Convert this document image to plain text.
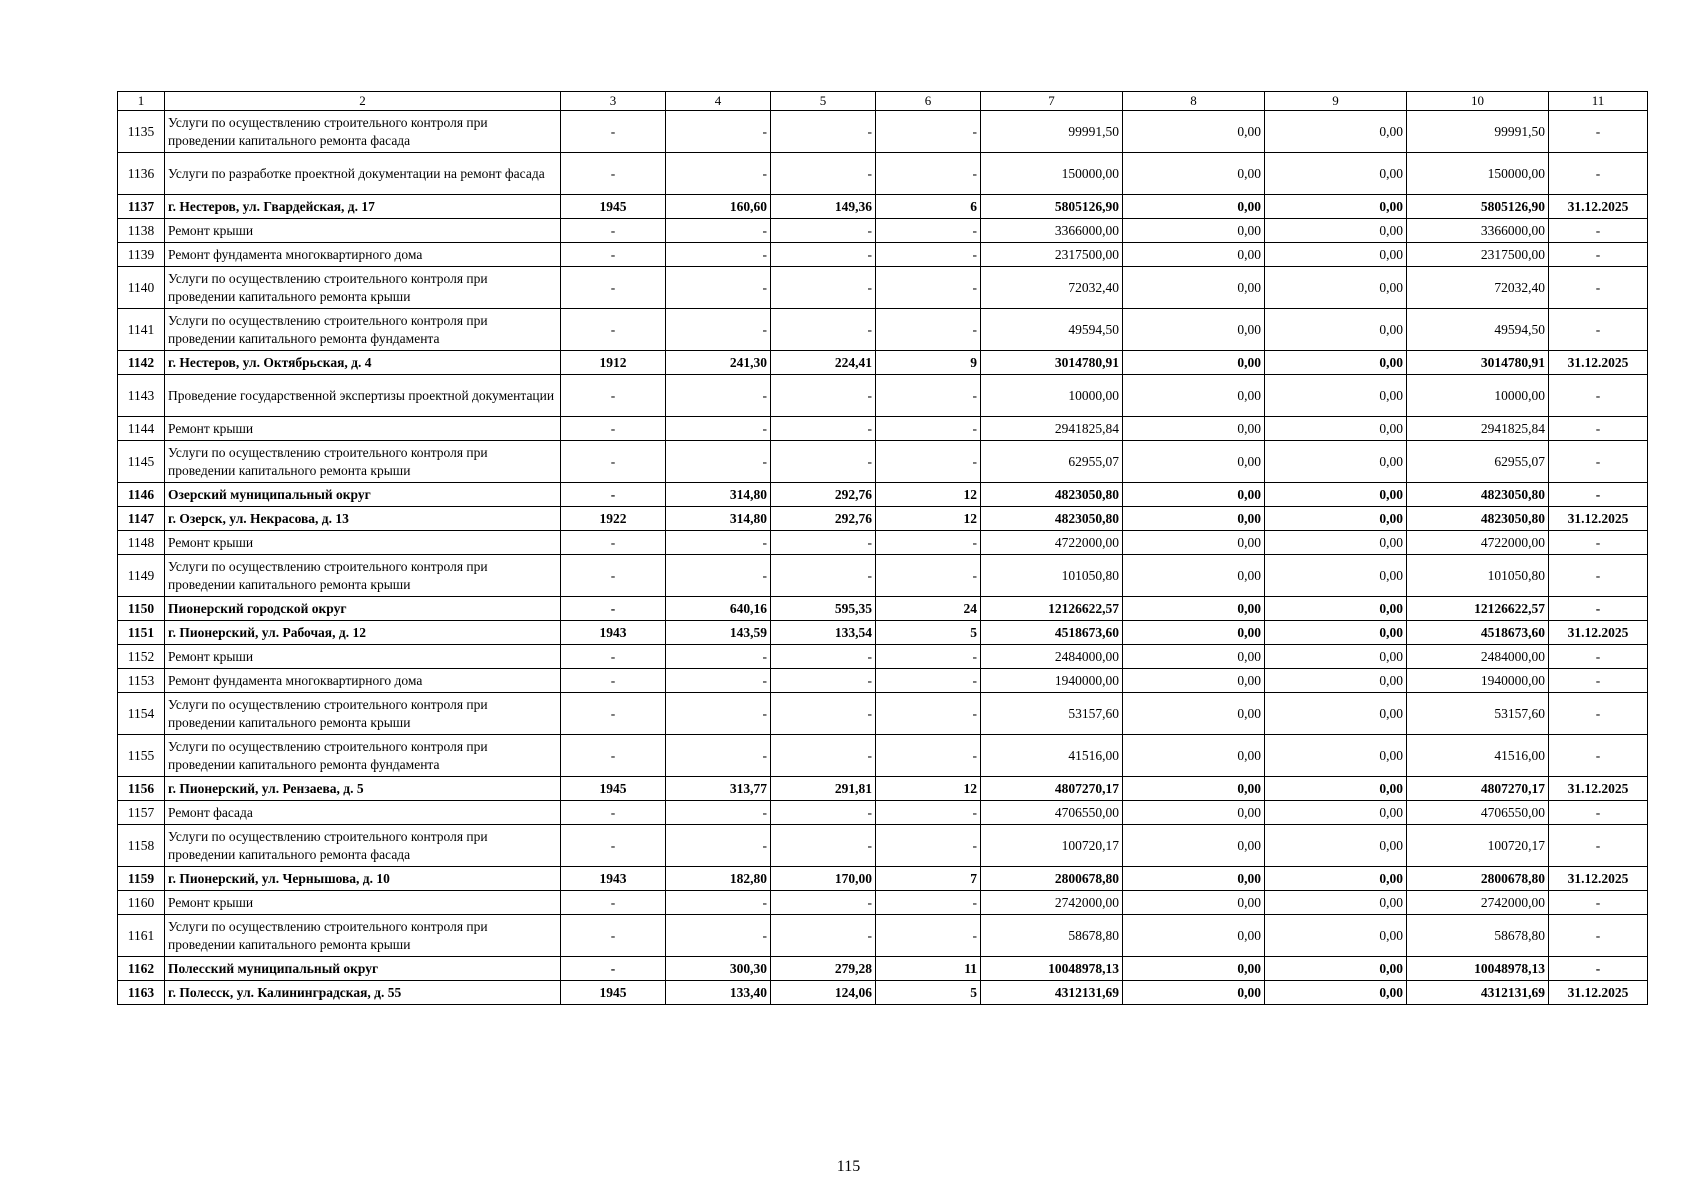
1	2	3	4	5	6	7	8	9	10	11
1135	Услуги по осуществлению строительного контроля при проведении капитального ремонта фасада	-	-	-	-	99991,50	0,00	0,00	99991,50	-
1136	Услуги по разработке проектной документации на ремонт фасада	-	-	-	-	150000,00	0,00	0,00	150000,00	-
1137	г. Нестеров, ул. Гвардейская, д. 17	1945	160,60	149,36	6	5805126,90	0,00	0,00	5805126,90	31.12.2025
1138	Ремонт крыши	-	-	-	-	3366000,00	0,00	0,00	3366000,00	-
1139	Ремонт фундамента многоквартирного дома	-	-	-	-	2317500,00	0,00	0,00	2317500,00	-
1140	Услуги по осуществлению строительного контроля при проведении капитального ремонта крыши	-	-	-	-	72032,40	0,00	0,00	72032,40	-
1141	Услуги по осуществлению строительного контроля при проведении капитального ремонта фундамента	-	-	-	-	49594,50	0,00	0,00	49594,50	-
1142	г. Нестеров, ул. Октябрьская, д. 4	1912	241,30	224,41	9	3014780,91	0,00	0,00	3014780,91	31.12.2025
1143	Проведение государственной экспертизы проектной документации	-	-	-	-	10000,00	0,00	0,00	10000,00	-
1144	Ремонт крыши	-	-	-	-	2941825,84	0,00	0,00	2941825,84	-
1145	Услуги по осуществлению строительного контроля при проведении капитального ремонта крыши	-	-	-	-	62955,07	0,00	0,00	62955,07	-
1146	Озерский муниципальный округ	-	314,80	292,76	12	4823050,80	0,00	0,00	4823050,80	-
1147	г. Озерск, ул. Некрасова, д. 13	1922	314,80	292,76	12	4823050,80	0,00	0,00	4823050,80	31.12.2025
1148	Ремонт крыши	-	-	-	-	4722000,00	0,00	0,00	4722000,00	-
1149	Услуги по осуществлению строительного контроля при проведении капитального ремонта крыши	-	-	-	-	101050,80	0,00	0,00	101050,80	-
1150	Пионерский городской округ	-	640,16	595,35	24	12126622,57	0,00	0,00	12126622,57	-
1151	г. Пионерский, ул. Рабочая, д. 12	1943	143,59	133,54	5	4518673,60	0,00	0,00	4518673,60	31.12.2025
1152	Ремонт крыши	-	-	-	-	2484000,00	0,00	0,00	2484000,00	-
1153	Ремонт фундамента многоквартирного дома	-	-	-	-	1940000,00	0,00	0,00	1940000,00	-
1154	Услуги по осуществлению строительного контроля при проведении капитального ремонта крыши	-	-	-	-	53157,60	0,00	0,00	53157,60	-
1155	Услуги по осуществлению строительного контроля при проведении капитального ремонта фундамента	-	-	-	-	41516,00	0,00	0,00	41516,00	-
1156	г. Пионерский, ул. Рензаева, д. 5	1945	313,77	291,81	12	4807270,17	0,00	0,00	4807270,17	31.12.2025
1157	Ремонт фасада	-	-	-	-	4706550,00	0,00	0,00	4706550,00	-
1158	Услуги по осуществлению строительного контроля при проведении капитального ремонта фасада	-	-	-	-	100720,17	0,00	0,00	100720,17	-
1159	г. Пионерский, ул. Чернышова, д. 10	1943	182,80	170,00	7	2800678,80	0,00	0,00	2800678,80	31.12.2025
1160	Ремонт крыши	-	-	-	-	2742000,00	0,00	0,00	2742000,00	-
1161	Услуги по осуществлению строительного контроля при проведении капитального ремонта крыши	-	-	-	-	58678,80	0,00	0,00	58678,80	-
1162	Полесский муниципальный округ	-	300,30	279,28	11	10048978,13	0,00	0,00	10048978,13	-
1163	г. Полесск, ул. Калининградская, д. 55	1945	133,40	124,06	5	4312131,69	0,00	0,00	4312131,69	31.12.2025
115
